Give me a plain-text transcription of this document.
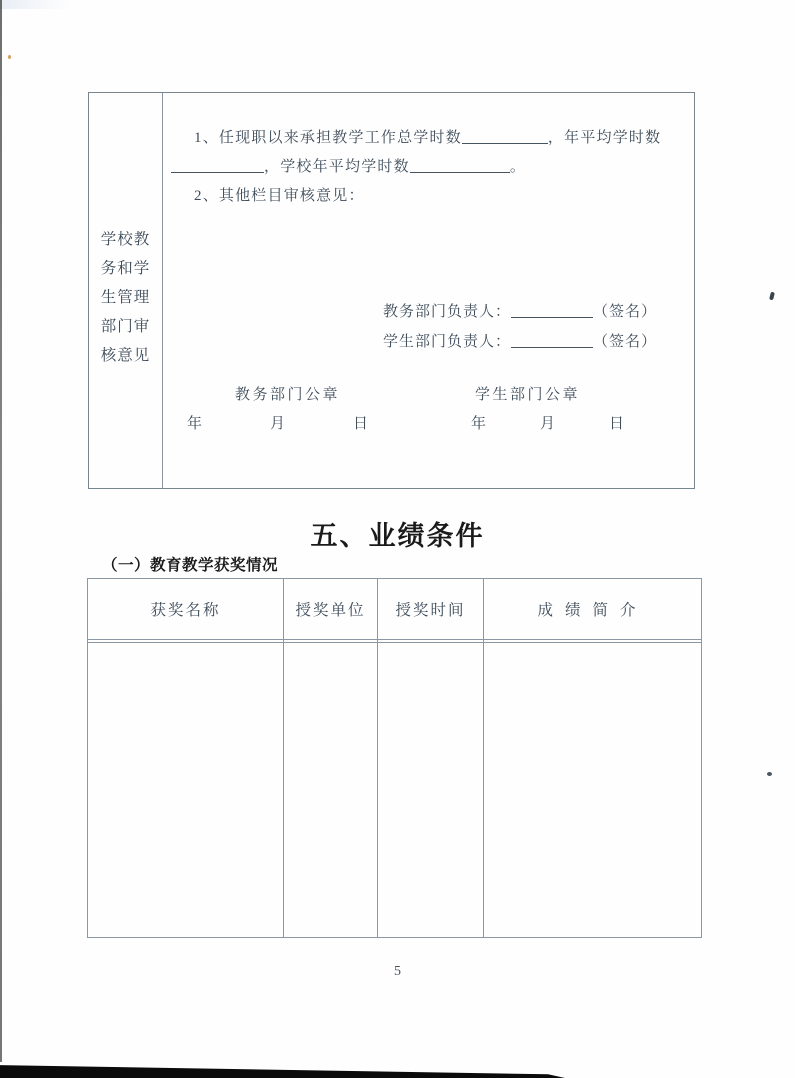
学校教
务和学
生管理
部门审
核意见
1、任现职以来承担教学工作总学时数	，年平均学时数
，学校年平均学时数	。
2、其他栏目审核意见：
教务部门负责人：	（签名）
学生部门负责人：	（签名）
教务部门公章	学生部门公章
年	月	日	年	月	日
五、业绩条件
（一）教育教学获奖情况
获奖名称	授奖单位	授奖时间	成绩简介

5
